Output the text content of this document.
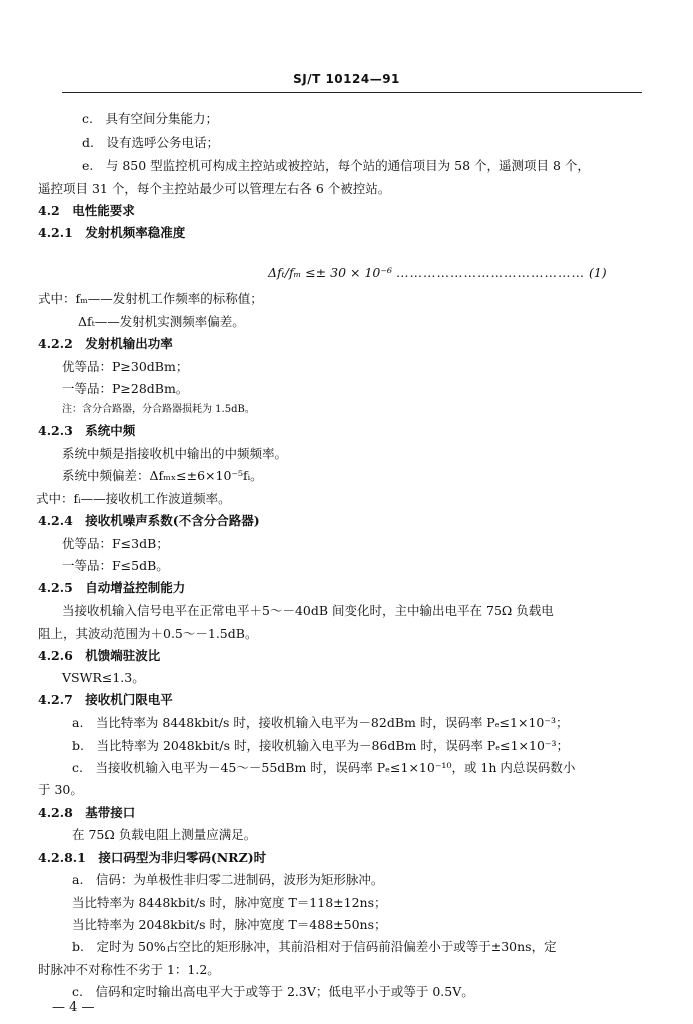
SJ/T 10124—91
c.　具有空间分集能力；
d.　设有选呼公务电话；
e.　与 850 型监控机可构成主控站或被控站，每个站的通信项目为 58 个，遥测项目 8 个，
遥控项目 31 个，每个主控站最少可以管理左右各 6 个被控站。
4.2　电性能要求
4.2.1　发射机频率稳准度
Δfₜ/fₘ ≤± 30 × 10⁻⁶ …………………………………… (1)
式中：fₘ——发射机工作频率的标称值；
Δfₜ——发射机实测频率偏差。
4.2.2　发射机输出功率
优等品：P≥30dBm；
一等品：P≥28dBm。
注：含分合路器，分合路器损耗为 1.5dB。
4.2.3　系统中频
系统中频是指接收机中输出的中频频率。
系统中频偏差：Δfₘₓ≤±6×10⁻⁵fᵢ。
式中：fᵢ——接收机工作波道频率。
4.2.4　接收机噪声系数(不含分合路器)
优等品：F≤3dB；
一等品：F≤5dB。
4.2.5　自动增益控制能力
当接收机输入信号电平在正常电平＋5～－40dB 间变化时，主中输出电平在 75Ω 负载电
阻上，其波动范围为＋0.5～－1.5dB。
4.2.6　机馈端驻波比
VSWR≤1.3。
4.2.7　接收机门限电平
a.　当比特率为 8448kbit/s 时，接收机输入电平为－82dBm 时，误码率 Pₑ≤1×10⁻³；
b.　当比特率为 2048kbit/s 时，接收机输入电平为－86dBm 时，误码率 Pₑ≤1×10⁻³；
c.　当接收机输入电平为－45～－55dBm 时，误码率 Pₑ≤1×10⁻¹⁰，或 1h 内总误码数小
于 30。
4.2.8　基带接口
在 75Ω 负载电阻上测量应满足。
4.2.8.1　接口码型为非归零码(NRZ)时
a.　信码：为单极性非归零二进制码，波形为矩形脉冲。
当比特率为 8448kbit/s 时，脉冲宽度 T＝118±12ns；
当比特率为 2048kbit/s 时，脉冲宽度 T＝488±50ns；
b.　定时为 50%占空比的矩形脉冲，其前沿相对于信码前沿偏差小于或等于±30ns，定
时脉冲不对称性不劣于 1：1.2。
c.　信码和定时输出高电平大于或等于 2.3V；低电平小于或等于 0.5V。
— 4 —
